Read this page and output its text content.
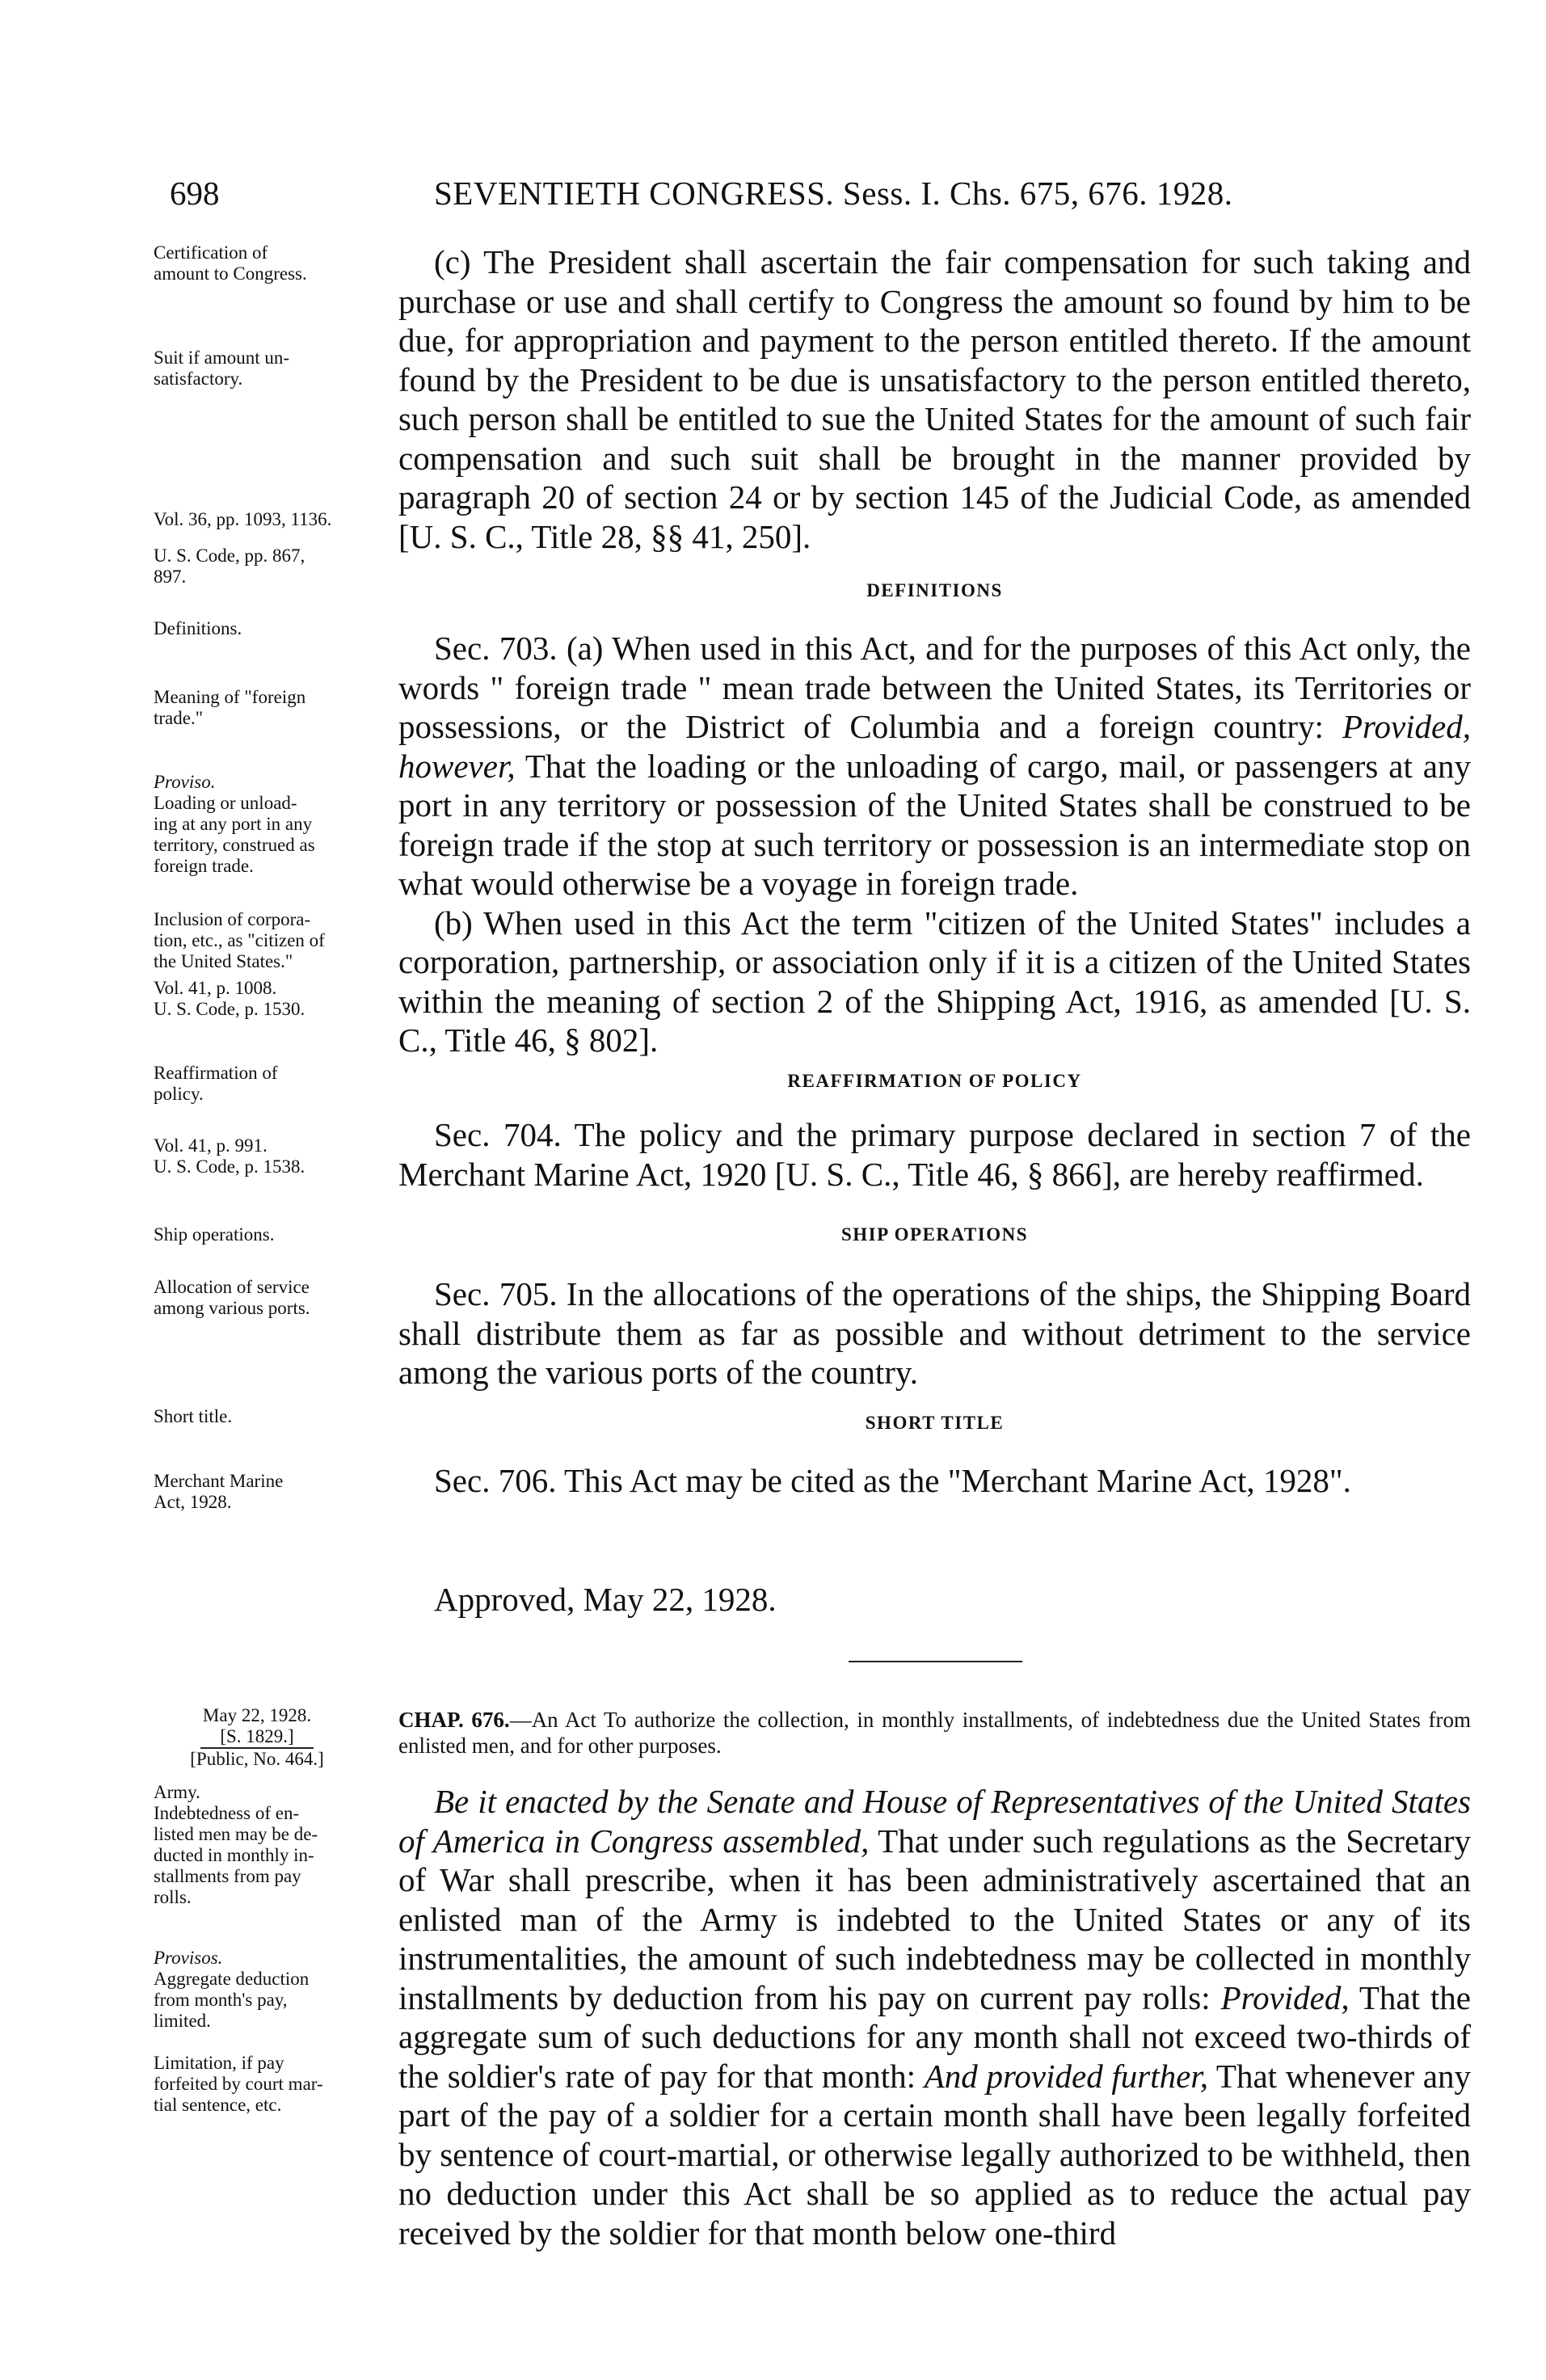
698	SEVENTIETH CONGRESS. Sess. I. Chs. 675, 676. 1928.
Certification of
amount to Congress.
Suit if amount un-
satisfactory.
Vol. 36, pp. 1093, 1136.
U. S. Code, pp. 867,
897.
Definitions.
Meaning of "foreign
trade."
Proviso.
Loading or unload-
ing at any port in any
territory, construed as
foreign trade.
Inclusion of corpora-
tion, etc., as "citizen of
the United States."
Vol. 41, p. 1008.
U. S. Code, p. 1530.
Reaffirmation of
policy.
Vol. 41, p. 991.
U. S. Code, p. 1538.
Ship operations.
Allocation of service
among various ports.
Short title.
Merchant Marine
Act, 1928.
Army.
Indebtedness of en-
listed men may be de-
ducted in monthly in-
stallments from pay
rolls.
Provisos.
Aggregate deduction
from month's pay,
limited.
Limitation, if pay
forfeited by court mar-
tial sentence, etc.

(c) The President shall ascertain the fair compensation for such taking and purchase or use and shall certify to Congress the amount so found by him to be due, for appropriation and payment to the person entitled thereto. If the amount found by the President to be due is unsatisfactory to the person entitled thereto, such person shall be entitled to sue the United States for the amount of such fair compensation and such suit shall be brought in the manner provided by paragraph 20 of section 24 or by section 145 of the Judicial Code, as amended [U. S. C., Title 28, §§ 41, 250].

DEFINITIONS

Sec. 703. (a) When used in this Act, and for the purposes of this Act only, the words " foreign trade " mean trade between the United States, its Territories or possessions, or the District of Columbia and a foreign country: Provided, however, That the loading or the unloading of cargo, mail, or passengers at any port in any territory or possession of the United States shall be construed to be foreign trade if the stop at such territory or possession is an intermediate stop on what would otherwise be a voyage in foreign trade.

(b) When used in this Act the term "citizen of the United States" includes a corporation, partnership, or association only if it is a citizen of the United States within the meaning of section 2 of the Shipping Act, 1916, as amended [U. S. C., Title 46, § 802].

REAFFIRMATION OF POLICY

Sec. 704. The policy and the primary purpose declared in section 7 of the Merchant Marine Act, 1920 [U. S. C., Title 46, § 866], are hereby reaffirmed.

SHIP OPERATIONS

Sec. 705. In the allocations of the operations of the ships, the Shipping Board shall distribute them as far as possible and without detriment to the service among the various ports of the country.

SHORT TITLE

Sec. 706. This Act may be cited as the "Merchant Marine Act, 1928".

Approved, May 22, 1928.
May 22, 1928.
[S. 1829.]
[Public, No. 464.]
CHAP. 676.—An Act To authorize the collection, in monthly installments, of indebtedness due the United States from enlisted men, and for other purposes.

Be it enacted by the Senate and House of Representatives of the United States of America in Congress assembled, That under such regulations as the Secretary of War shall prescribe, when it has been administratively ascertained that an enlisted man of the Army is indebted to the United States or any of its instrumentalities, the amount of such indebtedness may be collected in monthly installments by deduction from his pay on current pay rolls: Provided, That the aggregate sum of such deductions for any month shall not exceed two-thirds of the soldier's rate of pay for that month: And provided further, That whenever any part of the pay of a soldier for a certain month shall have been legally forfeited by sentence of court-martial, or otherwise legally authorized to be withheld, then no deduction under this Act shall be so applied as to reduce the actual pay received by the soldier for that month below one-third
